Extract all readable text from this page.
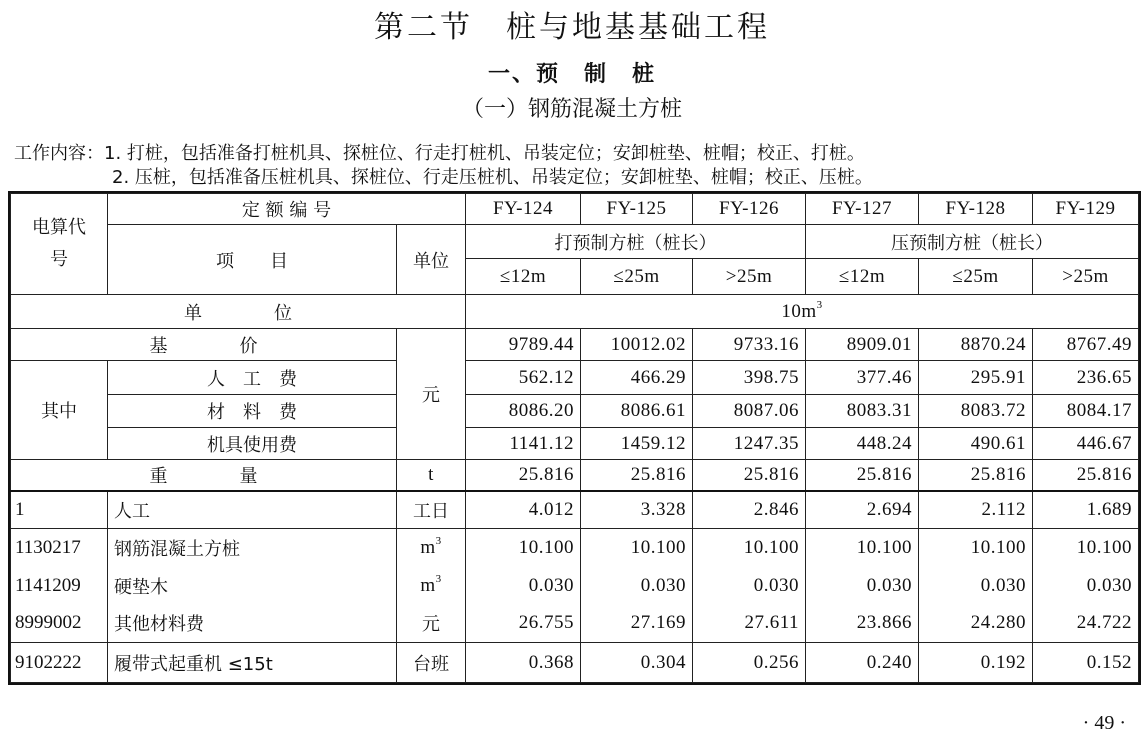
第二节　桩与地基基础工程
一、预　制　桩
（一）钢筋混凝土方桩
工作内容：1. 打桩，包括准备打桩机具、探桩位、行走打桩机、吊装定位；安卸桩垫、桩帽；校正、打桩。
2. 压桩，包括准备压桩机具、探桩位、行走压桩机、吊装定位；安卸桩垫、桩帽；校正、压桩。
电算代号	定 额 编 号		FY-124	FY-125	FY-126	FY-127	FY-128	FY-129
	项　　目	单位	打预制方桩（桩长）			压预制方桩（桩长）		
			≤12m	≤25m	>25m	≤12m	≤25m	>25m
单　　　　位			$10m^3$
基　　　　价		元	9789.44	10012.02	9733.16	8909.01	8870.24	8767.49
其中	人　工　费		562.12	466.29	398.75	377.46	295.91	236.65
	材　料　费		8086.20	8086.61	8087.06	8083.31	8083.72	8084.17
	机具使用费		1141.12	1459.12	1247.35	448.24	490.61	446.67
重　　　　量		t	25.816	25.816	25.816	25.816	25.816	25.816
1	人工	工日	4.012	3.328	2.846	2.694	2.112	1.689
1130217	钢筋混凝土方桩	$m^3$	10.100	10.100	10.100	10.100	10.100	10.100
1141209	硬垫木	$m^3$	0.030	0.030	0.030	0.030	0.030	0.030
8999002	其他材料费	元	26.755	27.169	27.611	23.866	24.280	24.722
9102222	履带式起重机 ≤15t	台班	0.368	0.304	0.256	0.240	0.192	0.152
· 49 ·
